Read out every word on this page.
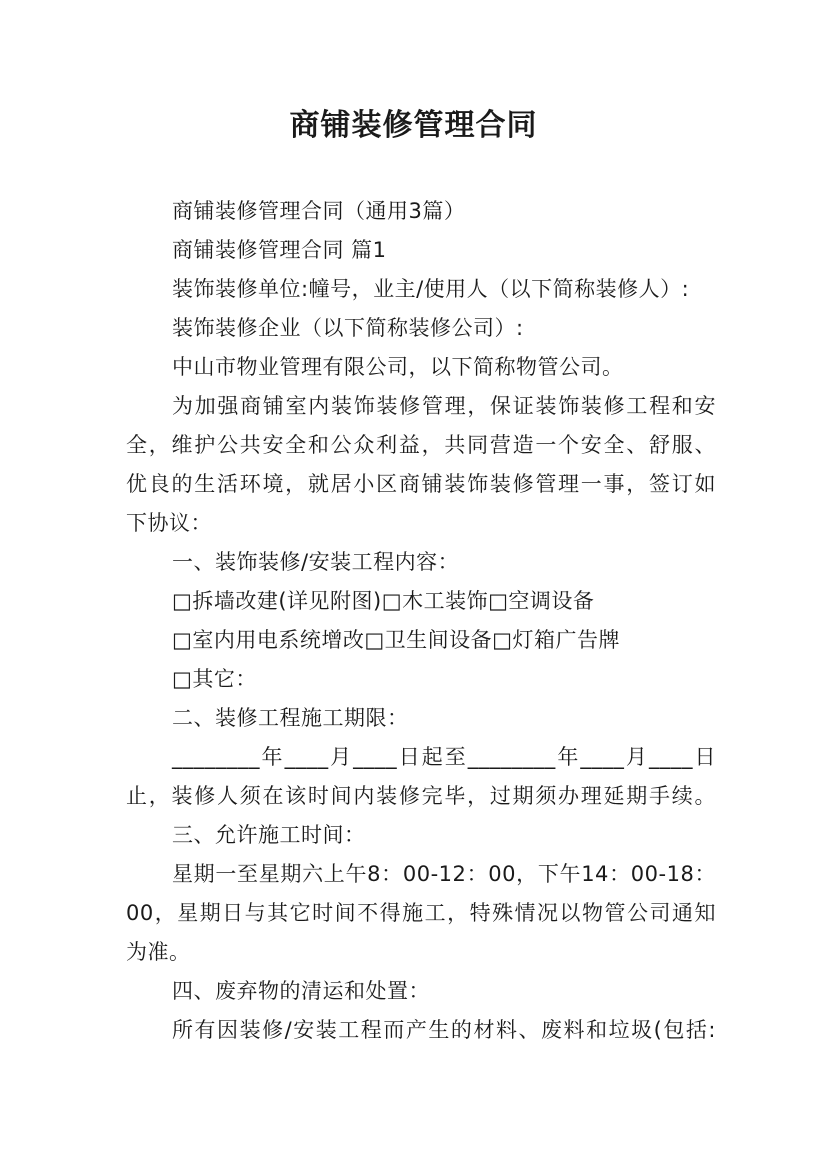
商铺装修管理合同
商铺装修管理合同（通用3篇）
商铺装修管理合同 篇1
装饰装修单位:幢号，业主/使用人（以下简称装修人）:
装饰装修企业（以下简称装修公司）:
中山市物业管理有限公司，以下简称物管公司。
为加强商铺室内装饰装修管理，保证装饰装修工程和安
全，维护公共安全和公众利益，共同营造一个安全、舒服、
优良的生活环境，就居小区商铺装饰装修管理一事，签订如
下协议：
一、装饰装修/安装工程内容：
□拆墙改建(详见附图)□木工装饰□空调设备
□室内用电系统增改□卫生间设备□灯箱广告牌
□其它：
二、装修工程施工期限：
________年____月____日起至________年____月____日
止，装修人须在该时间内装修完毕，过期须办理延期手续。
三、允许施工时间：
星期一至星期六上午8：00-12：00，下午14：00-18：
00，星期日与其它时间不得施工，特殊情况以物管公司通知
为准。
四、废弃物的清运和处置：
所有因装修/安装工程而产生的材料、废料和垃圾(包括:
